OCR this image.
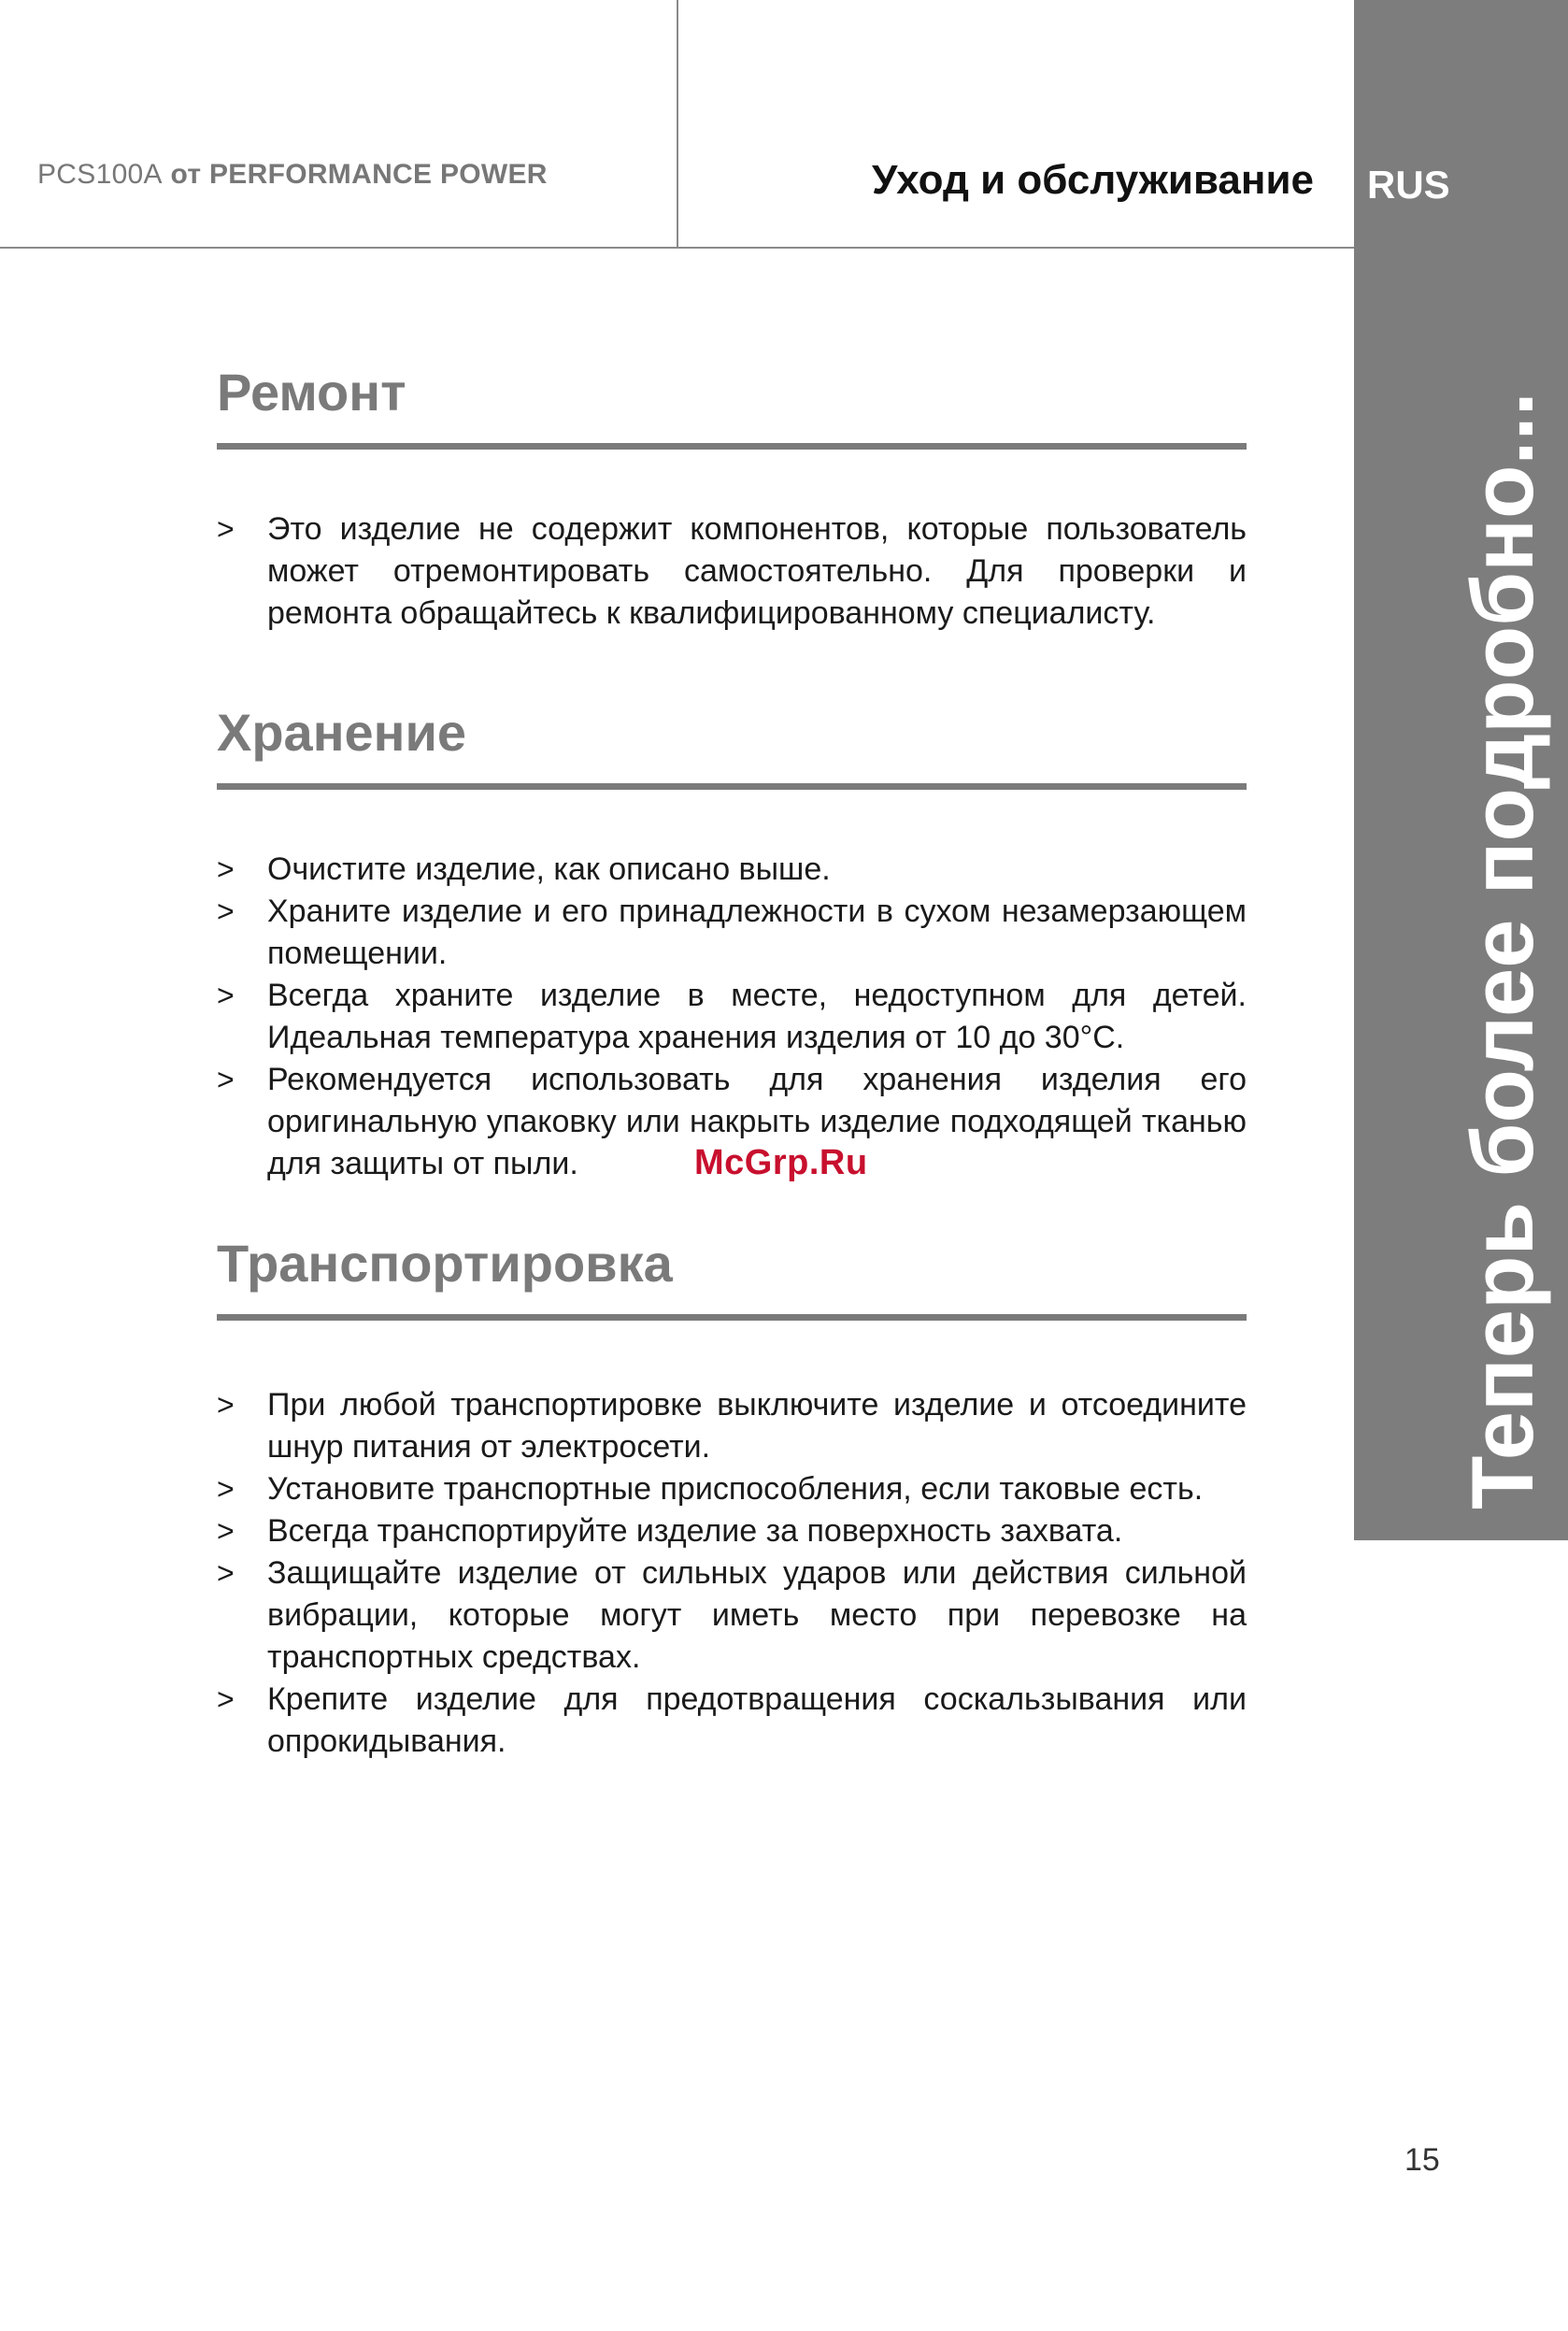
PCS100A от PERFORMANCE POWER	Уход и обслуживание RUS
Теперь более подробно...
Ремонт
> Это изделие не содержит компонентов, которые пользователь может отремонтировать самостоятельно. Для проверки и ремонта обращайтесь к квалифицированному специалисту.
Хранение
> Очистите изделие, как описано выше.
> Храните изделие и его принадлежности в сухом незамерзающем помещении.
> Всегда храните изделие в месте, недоступном для детей. Идеальная температура хранения изделия от 10 до 30°С.
> Рекомендуется использовать для хранения изделия его оригинальную упаковку или накрыть изделие подходящей тканью для защиты от пыли.
Транспортировка
> При любой транспортировке выключите изделие и отсоедините шнур питания от электросети.
> Установите транспортные приспособления, если таковые есть.
> Всегда транспортируйте изделие за поверхность захвата.
> Защищайте изделие от сильных ударов или действия сильной вибрации, которые могут иметь место при перевозке на транспортных средствах.
> Крепите изделие для предотвращения соскальзывания или опрокидывания.
McGrp.Ru
15
